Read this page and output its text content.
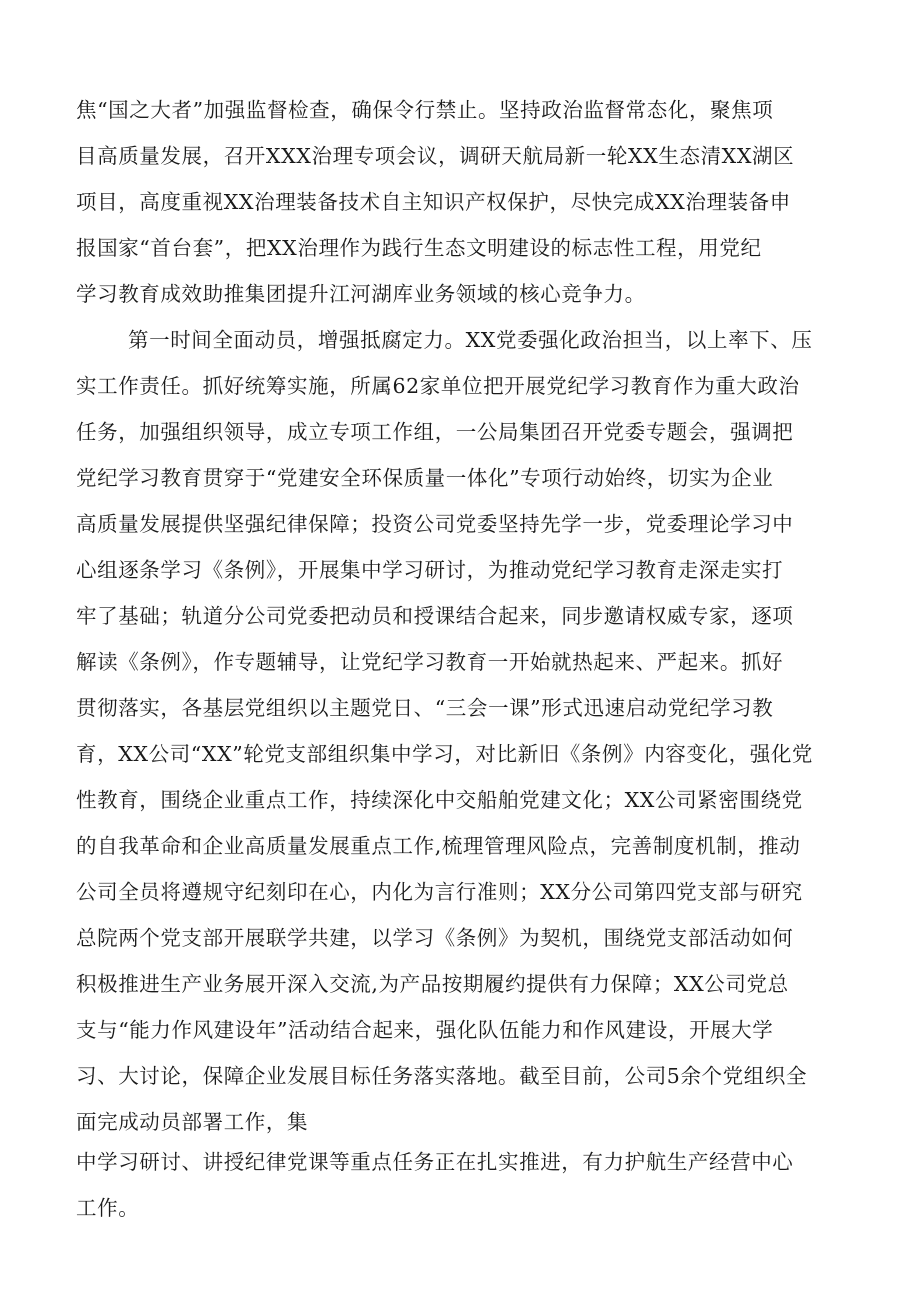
焦“国之大者”加强监督检查，确保令行禁止。坚持政治监督常态化，聚焦项
目高质量发展，召开XXX治理专项会议，调研天航局新一轮XX生态清XX湖区
项目，高度重视XX治理装备技术自主知识产权保护，尽快完成XX治理装备申
报国家“首台套”，把XX治理作为践行生态文明建设的标志性工程，用党纪
学习教育成效助推集团提升江河湖库业务领域的核心竞争力。
第一时间全面动员，增强抵腐定力。XX党委强化政治担当，以上率下、压
实工作责任。抓好统筹实施，所属62家单位把开展党纪学习教育作为重大政治
任务，加强组织领导，成立专项工作组，一公局集团召开党委专题会，强调把
党纪学习教育贯穿于“党建安全环保质量一体化”专项行动始终，切实为企业
高质量发展提供坚强纪律保障；投资公司党委坚持先学一步，党委理论学习中
心组逐条学习《条例》，开展集中学习研讨，为推动党纪学习教育走深走实打
牢了基础；轨道分公司党委把动员和授课结合起来，同步邀请权威专家，逐项
解读《条例》，作专题辅导，让党纪学习教育一开始就热起来、严起来。抓好
贯彻落实，各基层党组织以主题党日、“三会一课”形式迅速启动党纪学习教
育，XX公司“XX”轮党支部组织集中学习，对比新旧《条例》内容变化，强化党
性教育，围绕企业重点工作，持续深化中交船舶党建文化；XX公司紧密围绕党
的自我革命和企业高质量发展重点工作,梳理管理风险点，完善制度机制，推动
公司全员将遵规守纪刻印在心，内化为言行准则；XX分公司第四党支部与研究
总院两个党支部开展联学共建，以学习《条例》为契机，围绕党支部活动如何
积极推进生产业务展开深入交流,为产品按期履约提供有力保障；XX公司党总
支与“能力作风建设年”活动结合起来，强化队伍能力和作风建设，开展大学
习、大讨论，保障企业发展目标任务落实落地。截至目前，公司5余个党组织全
面完成动员部署工作，集
中学习研讨、讲授纪律党课等重点任务正在扎实推进，有力护航生产经营中心
工作。
